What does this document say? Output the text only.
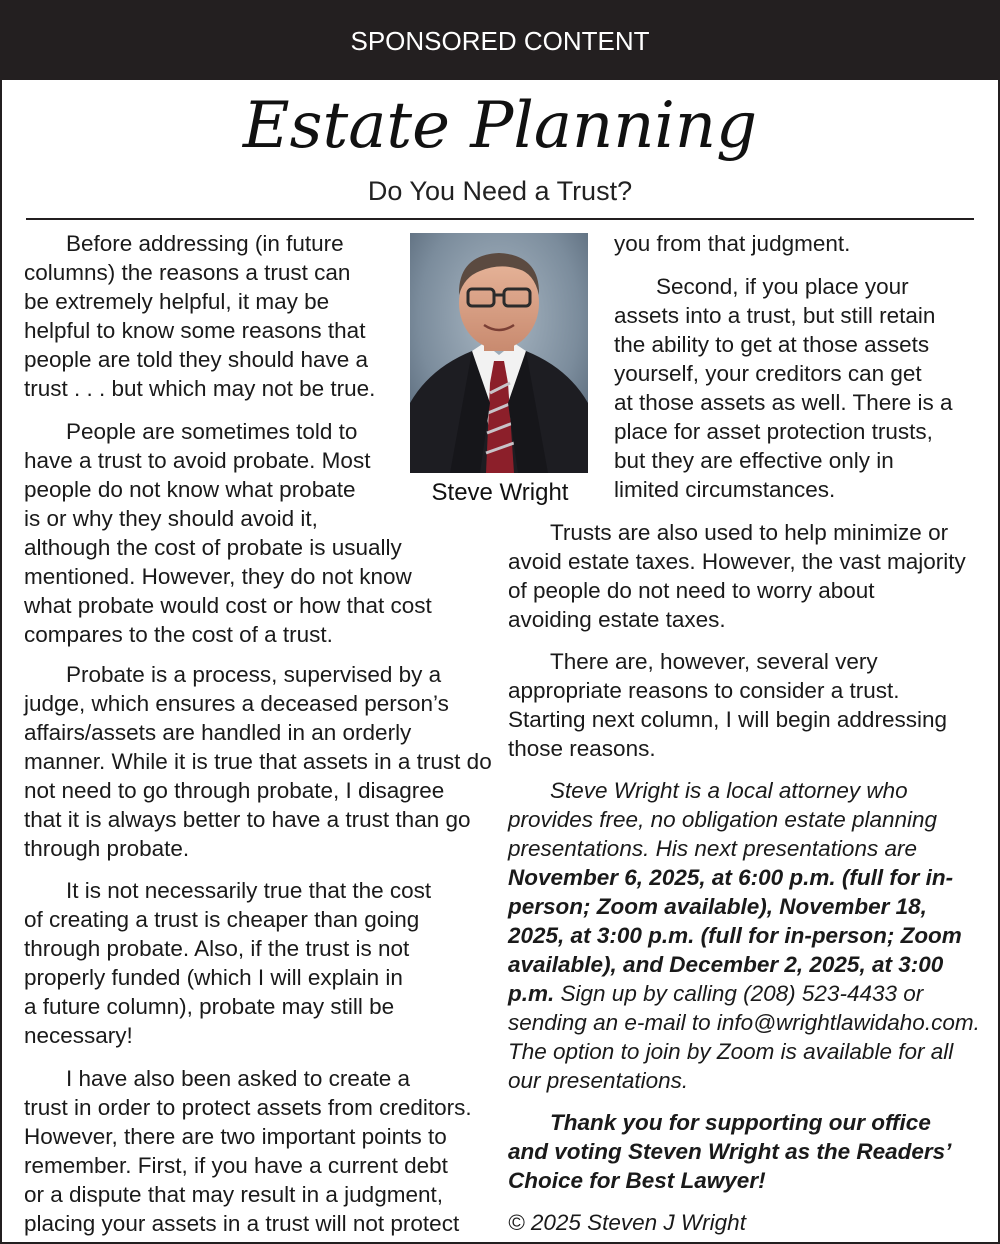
SPONSORED CONTENT
Estate Planning
Do You Need a Trust?

Before addressing (in future

columns) the reasons a trust can

be extremely helpful, it may be

helpful to know some reasons that

people are told they should have a

trust . . . but which may not be true.

People are sometimes told to

have a trust to avoid probate. Most

people do not know what probate

is or why they should avoid it,

although the cost of probate is usually

mentioned. However, they do not know

what probate would cost or how that cost

compares to the cost of a trust.

Probate is a process, supervised by a

judge, which ensures a deceased person’s

affairs/assets are handled in an orderly

manner. While it is true that assets in a trust do

not need to go through probate, I disagree

that it is always better to have a trust than go

through probate.

It is not necessarily true that the cost

of creating a trust is cheaper than going

through probate. Also, if the trust is not

properly funded (which I will explain in

a future column), probate may still be

necessary!

I have also been asked to create a

trust in order to protect assets from creditors.

However, there are two important points to

remember. First, if you have a current debt

or a dispute that may result in a judgment,

placing your assets in a trust will not protect

Steve Wright

you from that judgment.

Second, if you place your

assets into a trust, but still retain

the ability to get at those assets

yourself, your creditors can get

at those assets as well. There is a

place for asset protection trusts,

but they are effective only in

limited circumstances.

Trusts are also used to help minimize or

avoid estate taxes. However, the vast majority

of people do not need to worry about

avoiding estate taxes.

There are, however, several very

appropriate reasons to consider a trust.

Starting next column, I will begin addressing

those reasons.

Steve Wright is a local attorney who

provides free, no obligation estate planning

presentations. His next presentations are

November 6, 2025, at 6:00 p.m. (full for in-

person; Zoom available), November 18,

2025, at 3:00 p.m. (full for in-person; Zoom

available), and December 2, 2025, at 3:00

p.m. Sign up by calling (208) 523-4433 or

sending an e-mail to info@wrightlawidaho.com.

The option to join by Zoom is available for all

our presentations.

Thank you for supporting our office

and voting Steven Wright as the Readers’

Choice for Best Lawyer!

© 2025 Steven J Wright
